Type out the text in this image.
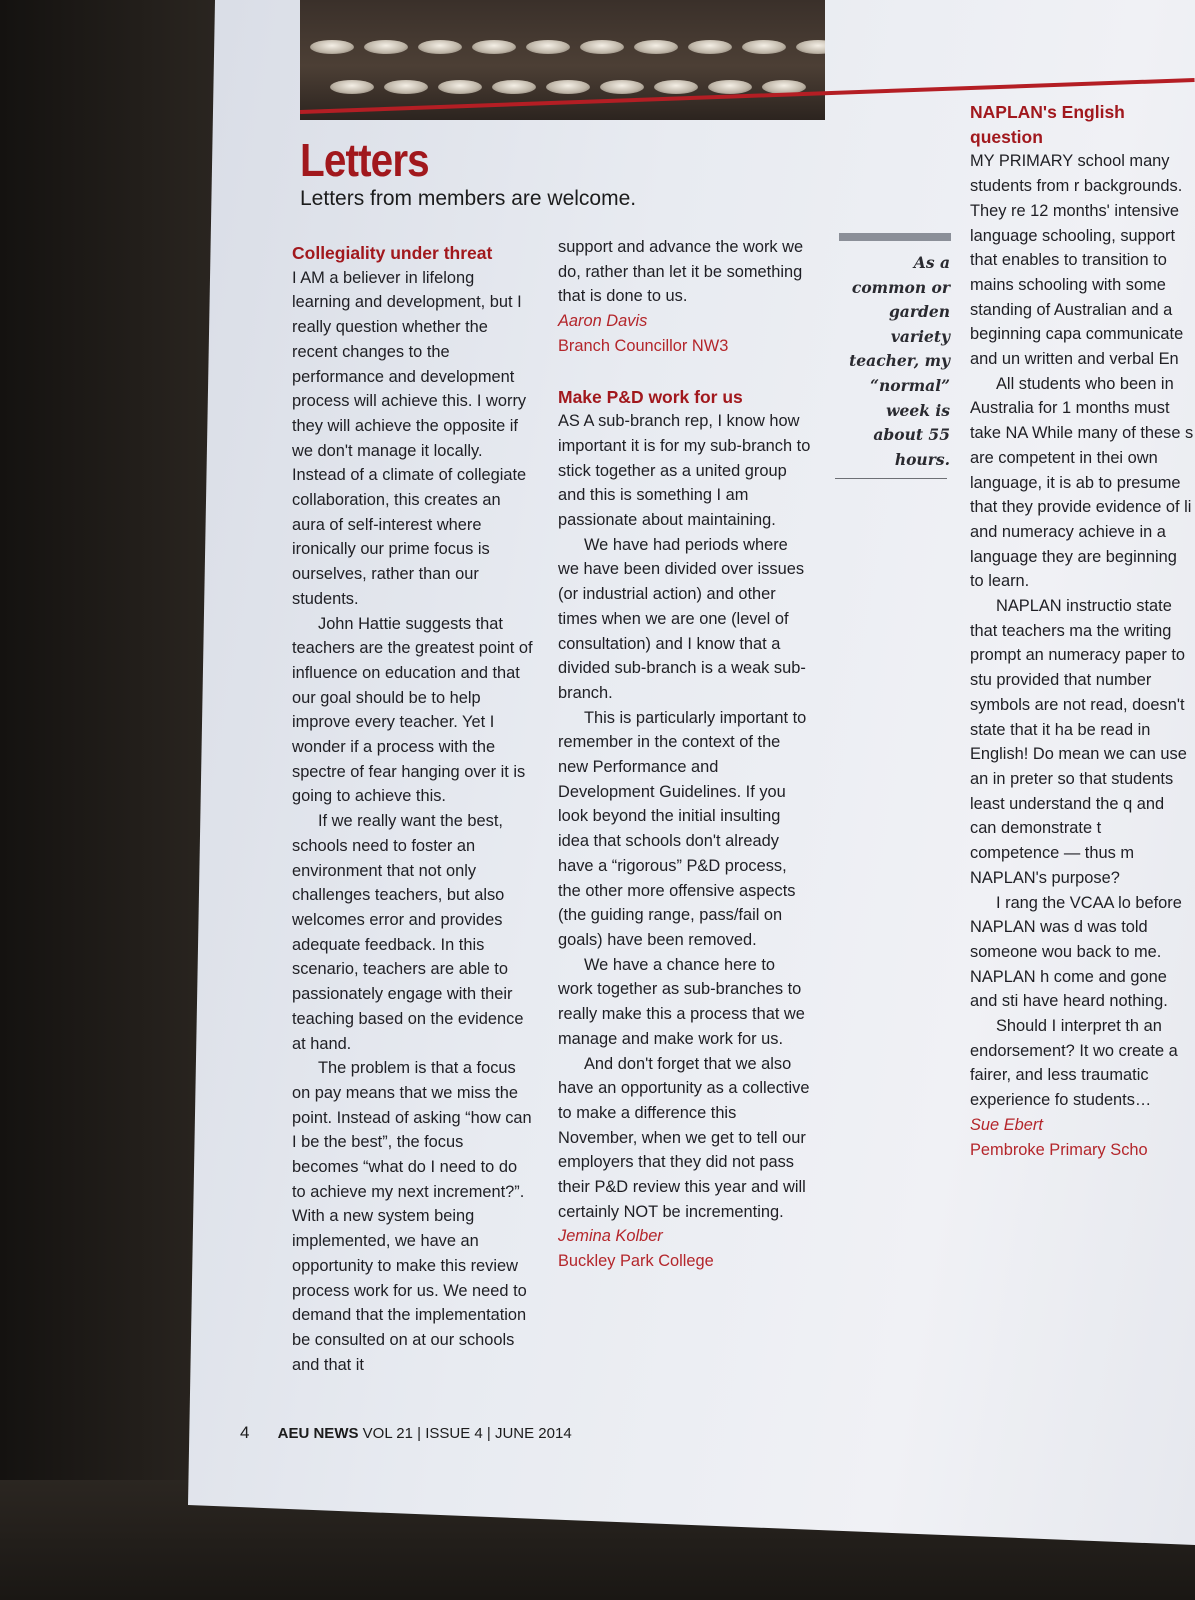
Letters
Letters from members are welcome.
Collegiality under threat

I AM a believer in lifelong learning and development, but I really question whether the recent changes to the performance and development process will achieve this. I worry they will achieve the opposite if we don't manage it locally. Instead of a climate of collegiate collaboration, this creates an aura of self-interest where ironically our prime focus is ourselves, rather than our students.

John Hattie suggests that teachers are the greatest point of influence on education and that our goal should be to help improve every teacher. Yet I wonder if a process with the spectre of fear hanging over it is going to achieve this.

If we really want the best, schools need to foster an environment that not only challenges teachers, but also welcomes error and provides adequate feedback. In this scenario, teachers are able to passionately engage with their teaching based on the evidence at hand.

The problem is that a focus on pay means that we miss the point. Instead of asking “how can I be the best”, the focus becomes “what do I need to do to achieve my next increment?”. With a new system being implemented, we have an opportunity to make this review process work for us. We need to demand that the implementation be consulted on at our schools and that it

support and advance the work we do, rather than let it be something that is done to us.

Aaron Davis
Branch Councillor NW3
Make P&D work for us

AS A sub-branch rep, I know how important it is for my sub-branch to stick together as a united group and this is something I am passionate about maintaining.

We have had periods where we have been divided over issues (or industrial action) and other times when we are one (level of consultation) and I know that a divided sub-branch is a weak sub-branch.

This is particularly important to remember in the context of the new Performance and Development Guidelines. If you look beyond the initial insulting idea that schools don't already have a “rigorous” P&D process, the other more offensive aspects (the guiding range, pass/fail on goals) have been removed.

We have a chance here to work together as sub-branches to really make this a process that we manage and make work for us.

And don't forget that we also have an opportunity as a collective to make a difference this November, when we get to tell our employers that they did not pass their P&D review this year and will certainly NOT be incrementing.

Jemina Kolber
Buckley Park College
As a common or garden variety teacher, my “normal” week is about 55 hours.
NAPLAN's English question

MY PRIMARY school many students from r backgrounds. They re 12 months' intensive language schooling, support that enables to transition to mains schooling with some standing of Australian and a beginning capa communicate and un written and verbal En

All students who been in Australia for 1 months must take NA While many of these s are competent in thei own language, it is ab to presume that they provide evidence of li and numeracy achieve in a language they are beginning to learn.

NAPLAN instructio state that teachers ma the writing prompt an numeracy paper to stu provided that number symbols are not read, doesn't state that it ha be read in English! Do mean we can use an in preter so that students least understand the q and can demonstrate t competence — thus m NAPLAN's purpose?

I rang the VCAA lo before NAPLAN was d was told someone wou back to me. NAPLAN h come and gone and sti have heard nothing.

Should I interpret th an endorsement? It wo create a fairer, and less traumatic experience fo students…

Sue Ebert
Pembroke Primary Scho
4 AEU NEWS VOL 21 | ISSUE 4 | JUNE 2014
